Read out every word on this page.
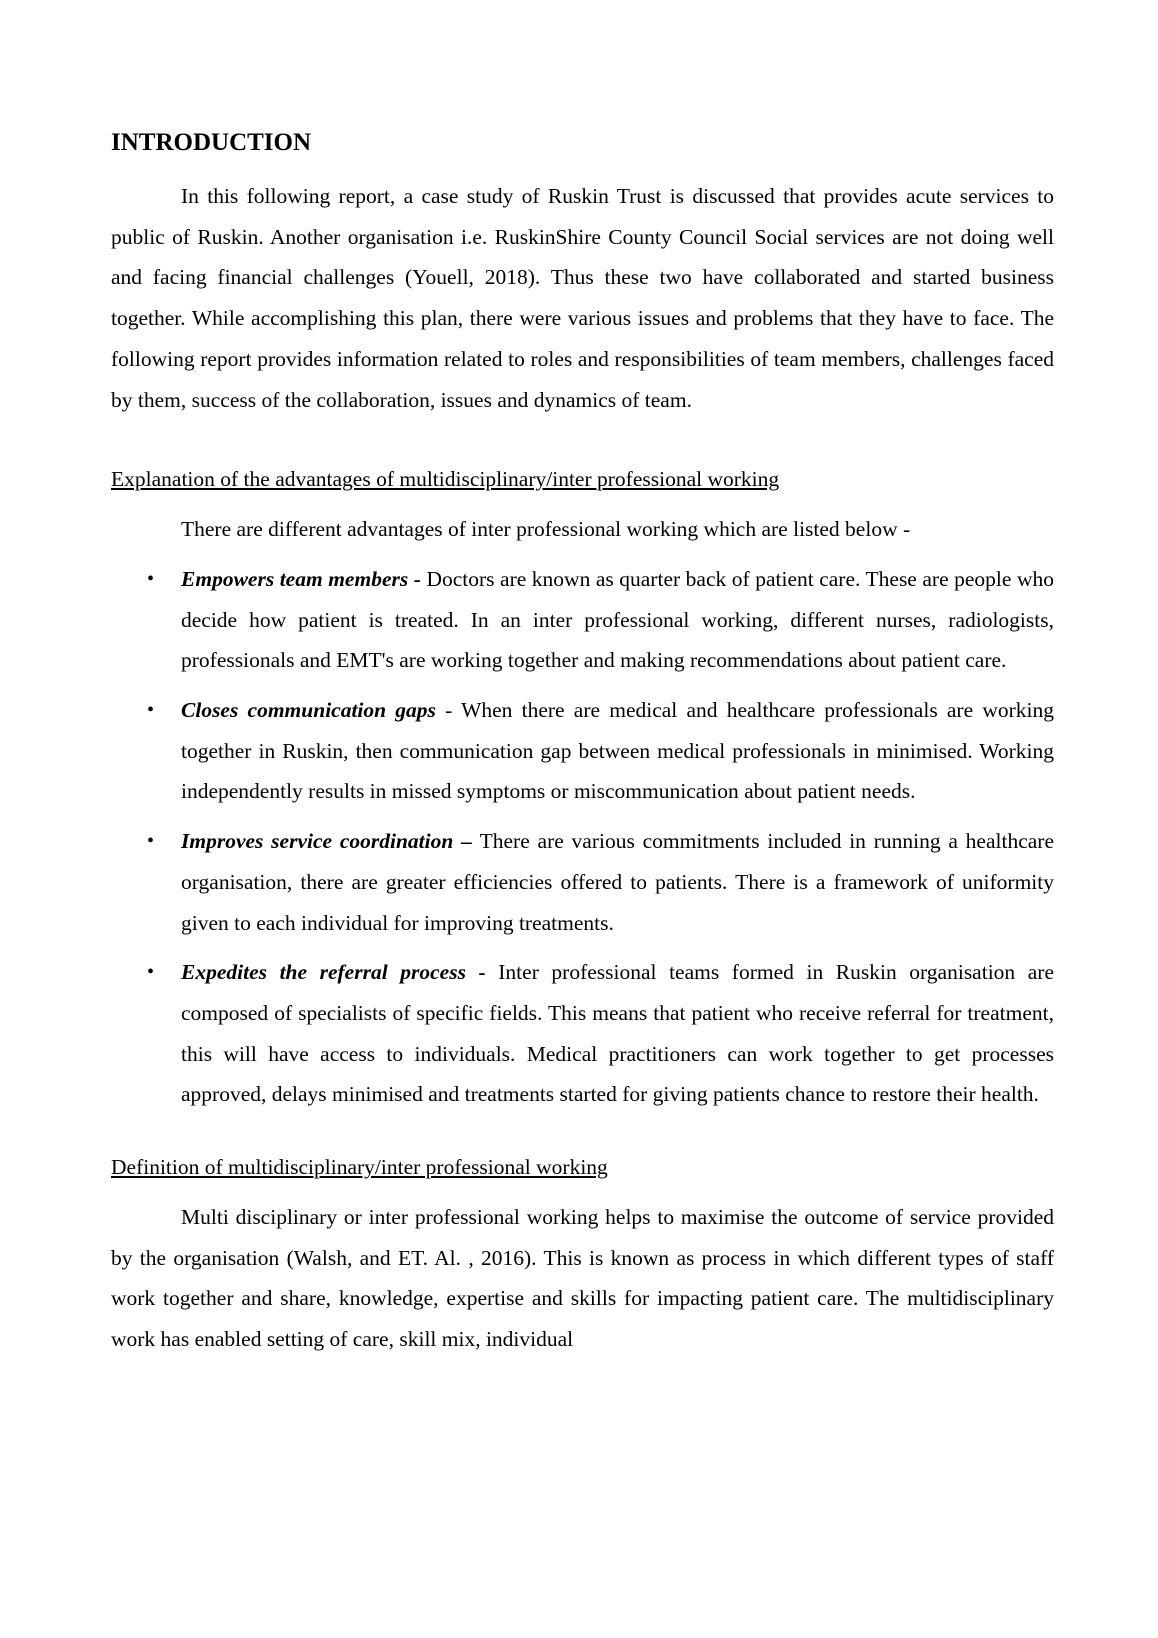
INTRODUCTION

In this following report, a case study of Ruskin Trust is discussed that provides acute services to public of Ruskin. Another organisation i.e. RuskinShire County Council Social services are not doing well and facing financial challenges (Youell, 2018). Thus these two have collaborated and started business together. While accomplishing this plan, there were various issues and problems that they have to face. The following report provides information related to roles and responsibilities of team members, challenges faced by them, success of the collaboration, issues and dynamics of team.

Explanation of the advantages of multidisciplinary/inter professional working

There are different advantages of inter professional working which are listed below -

• Empowers team members - Doctors are known as quarter back of patient care. These are people who decide how patient is treated. In an inter professional working, different nurses, radiologists, professionals and EMT's are working together and making recommendations about patient care.
• Closes communication gaps - When there are medical and healthcare professionals are working together in Ruskin, then communication gap between medical professionals in minimised. Working independently results in missed symptoms or miscommunication about patient needs.
• Improves service coordination – There are various commitments included in running a healthcare organisation, there are greater efficiencies offered to patients. There is a framework of uniformity given to each individual for improving treatments.
• Expedites the referral process - Inter professional teams formed in Ruskin organisation are composed of specialists of specific fields. This means that patient who receive referral for treatment, this will have access to individuals. Medical practitioners can work together to get processes approved, delays minimised and treatments started for giving patients chance to restore their health.

Definition of multidisciplinary/inter professional working

Multi disciplinary or inter professional working helps to maximise the outcome of service provided by the organisation (Walsh, and ET. Al. , 2016). This is known as process in which different types of staff work together and share, knowledge, expertise and skills for impacting patient care. The multidisciplinary work has enabled setting of care, skill mix, individual
